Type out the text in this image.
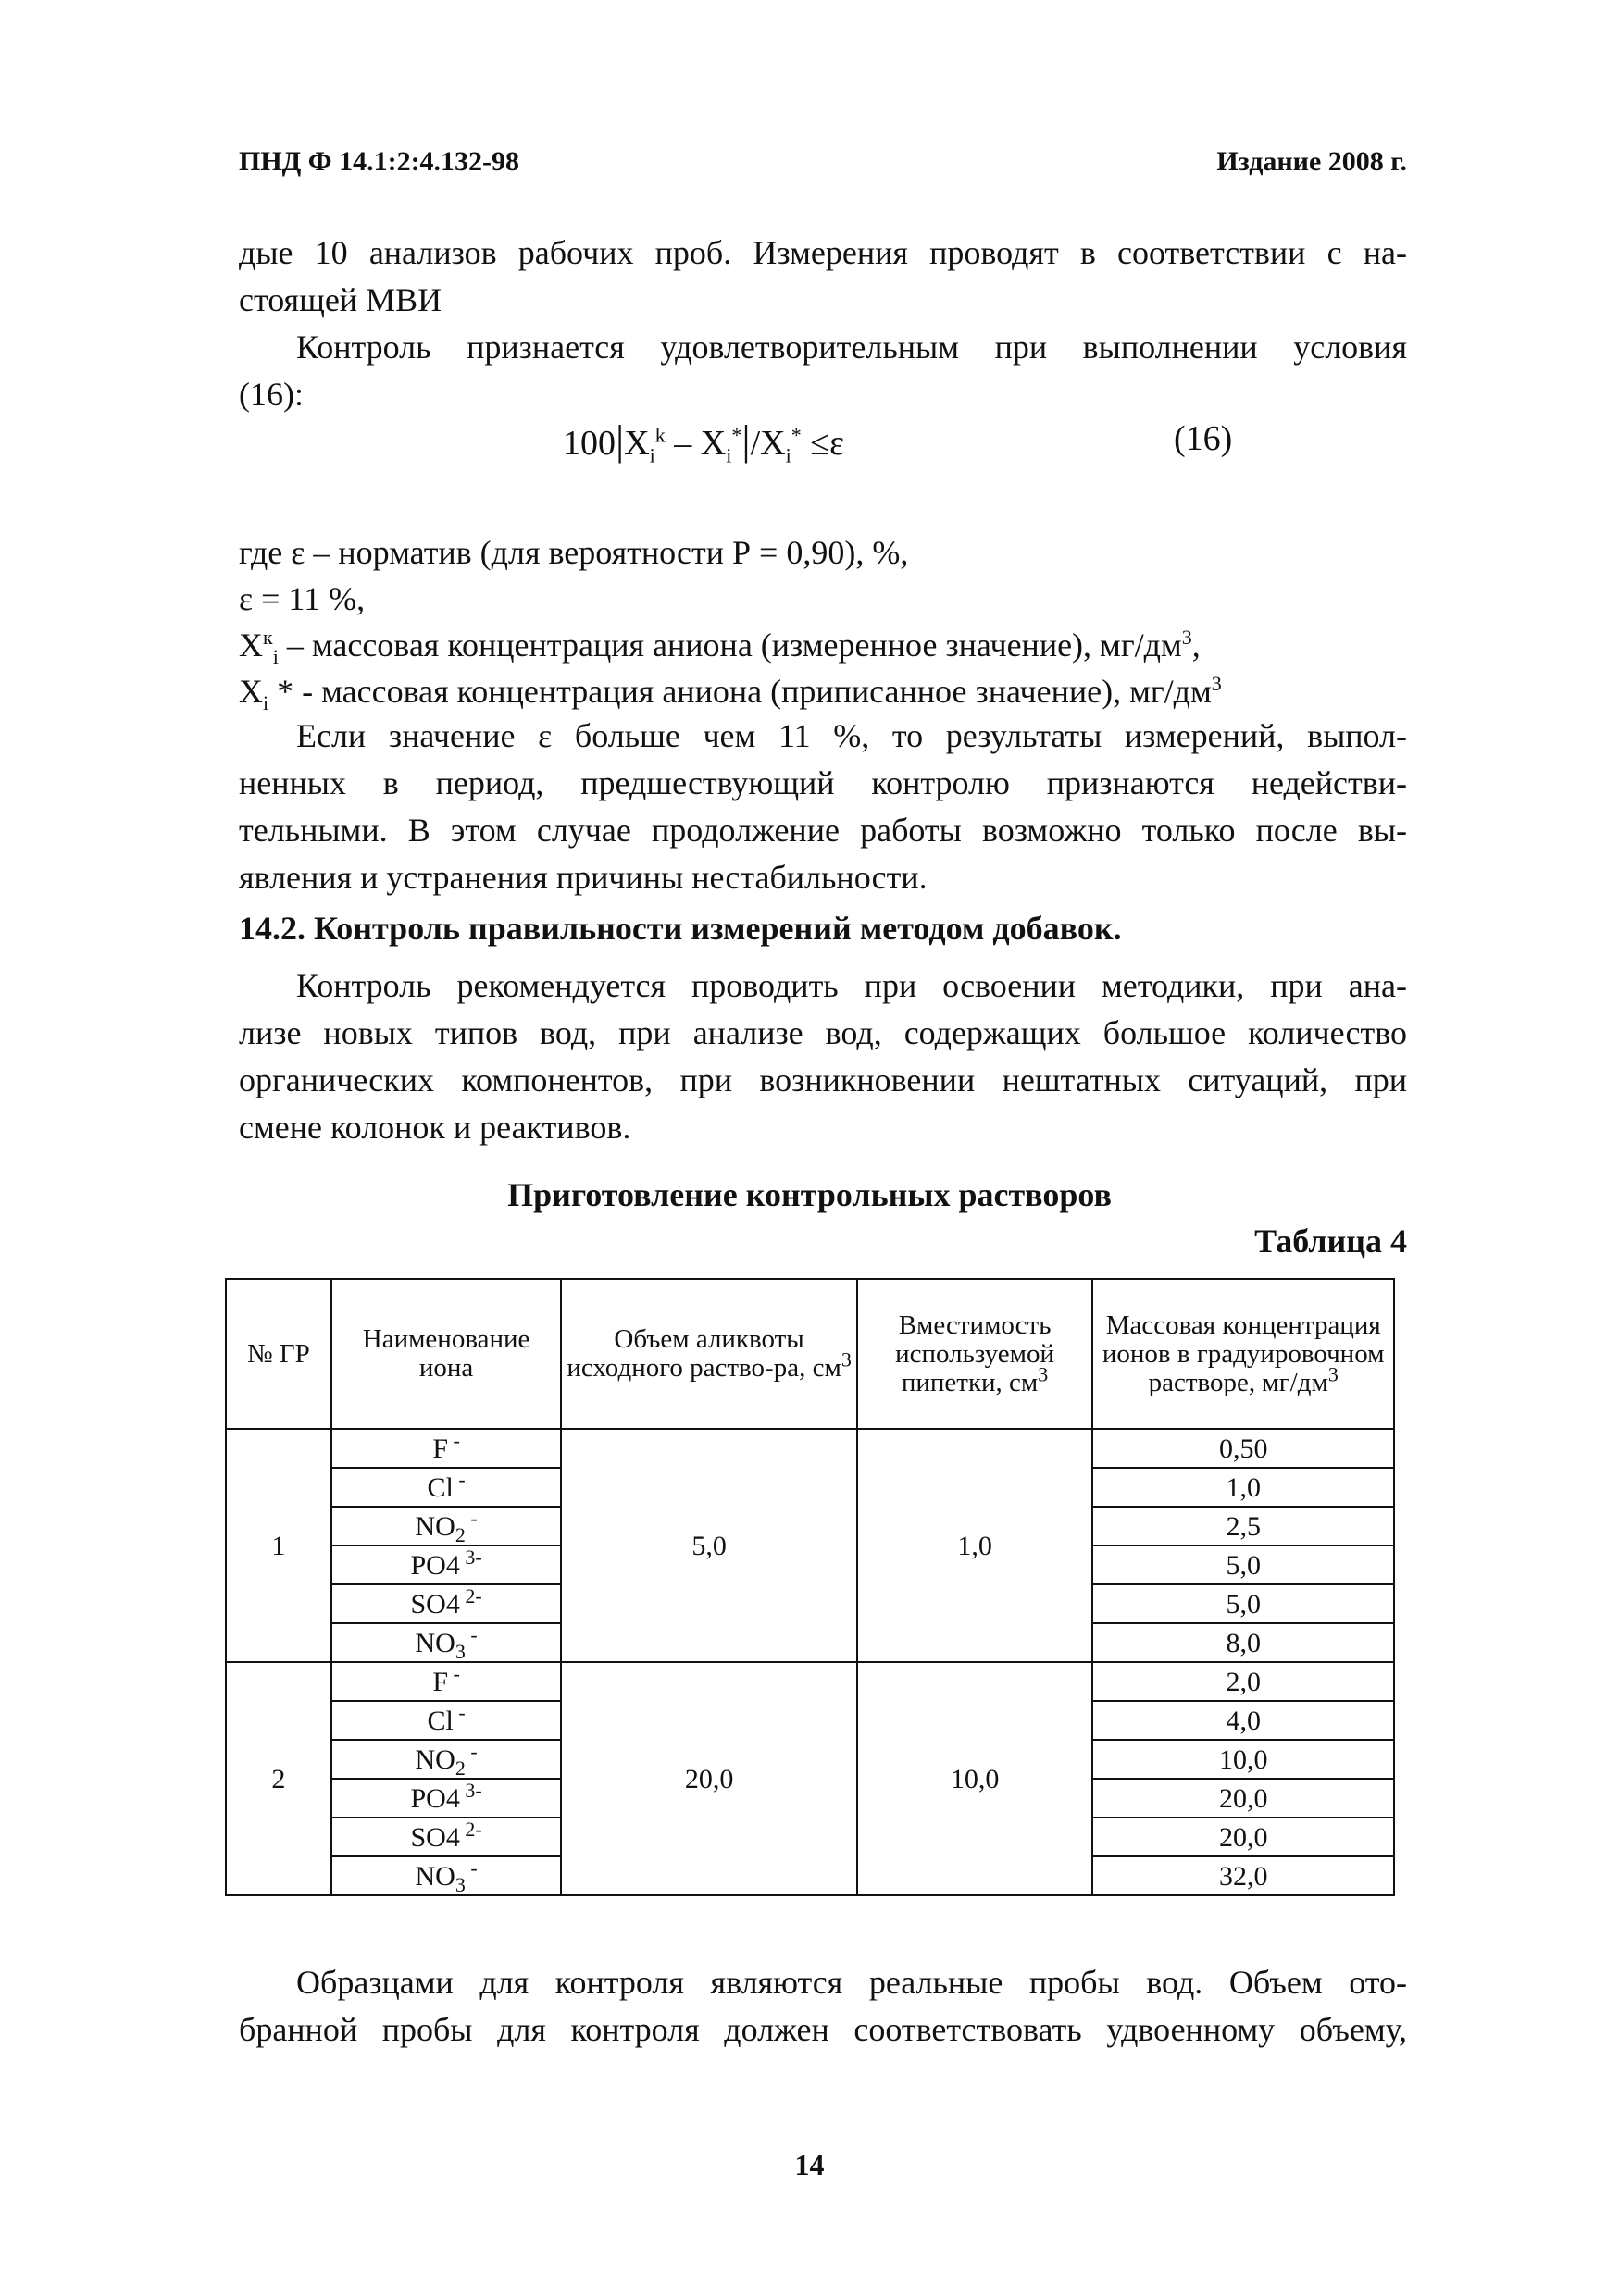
ПНД Ф 14.1:2:4.132-98	Издание 2008 г.

дые 10 анализов рабочих проб. Измерения проводят в соответствии с на-

стоящей МВИ

Контроль признается удовлетворительным при выполнении условия

(16):

$100|X_i^k - X_i^*|/X_i^* \le\varepsilon$	(16)
где ε – норматив (для вероятности Р = 0,90), %,
ε = 11 %,
$X^к_i$ – массовая концентрация аниона (измеренное значение), $мг/дм^3$,
$X_i$ * - массовая концентрация аниона (приписанное значение), $мг/дм^3$

Если значение ε больше чем 11 %, то результаты измерений, выпол-

ненных в период, предшествующий контролю признаются недействи-

тельными. В этом случае продолжение работы возможно только после вы-

явления и устранения причины нестабильности.

14.2. Контроль правильности измерений методом добавок.

Контроль рекомендуется проводить при освоении методики, при ана-

лизе новых типов вод, при анализе вод, содержащих большое количество

органических компонентов, при возникновении нештатных ситуаций, при

смене колонок и реактивов.

Приготовление контрольных растворов
Таблица 4
№ ГР	Наименование иона	Объем аликвоты исходного раство-ра, $см^3$	Вместимость используемой пипетки, $см^3$	Массовая концентрация ионов в градуировочном растворе, $мг/дм^3$
1	F -	5,0	1,0	0,50
	Cl -			1,0
	$NO_2$ -			2,5
	PO4 $^{3-}$			5,0
	SO4 $^{2-}$			5,0
	$NO_3$ -			8,0
2	F -	20,0	10,0	2,0
	Cl -			4,0
	$NO_2$ -			10,0
	PO4 $^{3-}$			20,0
	SO4 $^{2-}$			20,0
	$NO_3$ -			32,0

Образцами для контроля являются реальные пробы вод. Объем ото-

бранной пробы для контроля должен соответствовать удвоенному объему,

14
